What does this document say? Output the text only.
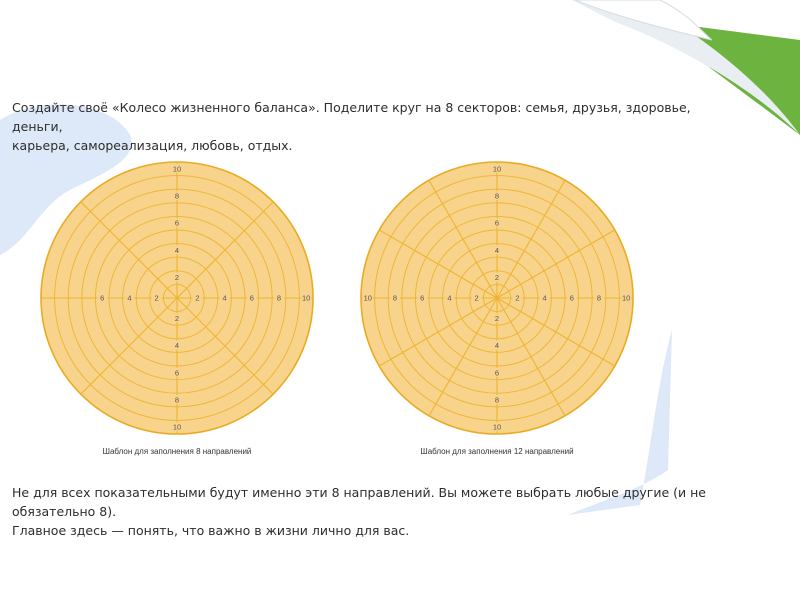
Создайте своё «Колесо жизненного баланса». Поделите круг на 8 секторов: семья, друзья, здоровье, деньги,

карьера, самореализация, любовь, отдых.

2
4
6
8
10
2
4
6
8
10
2	4	6	8	10
2
4
6
Шаблон для заполнения 8 направлений
2
4
6
8
10
2
4
6
8
10
2	4	6	8	10
2
4
6
8
10
Шаблон для заполнения 12 направлений

Не для всех показательными будут именно эти 8 направлений. Вы можете выбрать любые другие (и не обязательно 8).

Главное здесь — понять, что важно в жизни лично для вас.
